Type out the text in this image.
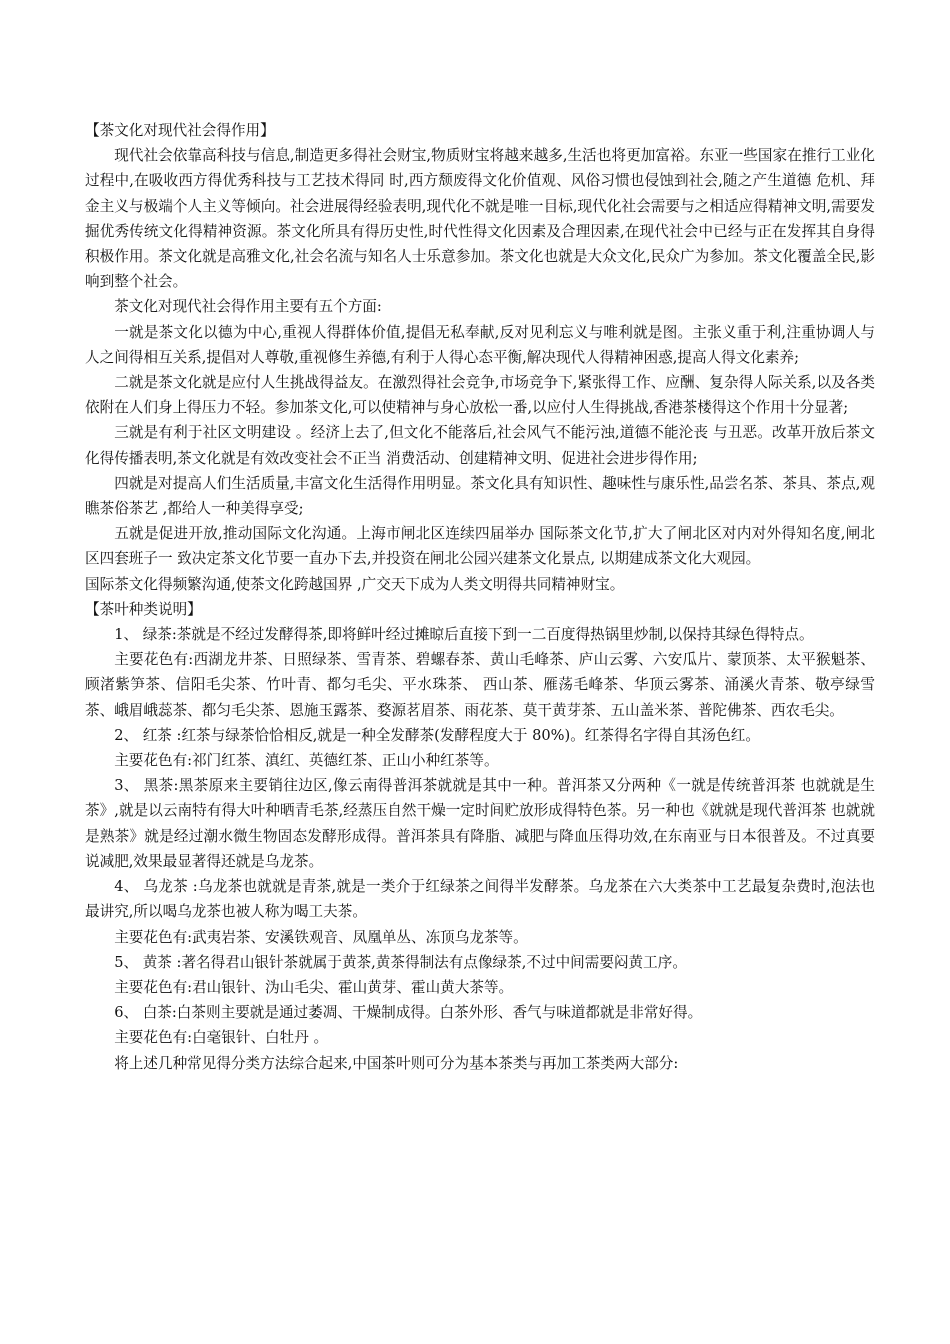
【茶文化对现代社会得作用】

现代社会依靠高科技与信息,制造更多得社会财宝,物质财宝将越来越多,生活也将更加富裕。东亚一些国家在推行工业化过程中,在吸收西方得优秀科技与工艺技术得同 时,西方颓废得文化价值观、风俗习惯也侵蚀到社会,随之产生道德 危机、拜金主义与极端个人主义等倾向。社会进展得经验表明,现代化不就是唯一目标,现代化社会需要与之相适应得精神文明,需要发掘优秀传统文化得精神资源。茶文化所具有得历史性,时代性得文化因素及合理因素,在现代社会中已经与正在发挥其自身得积极作用。茶文化就是高雅文化,社会名流与知名人士乐意参加。茶文化也就是大众文化,民众广为参加。茶文化覆盖全民,影响到整个社会。

茶文化对现代社会得作用主要有五个方面:

一就是茶文化以德为中心,重视人得群体价值,提倡无私奉献,反对见利忘义与唯利就是图。主张义重于利,注重协调人与人之间得相互关系,提倡对人尊敬,重视修生养德,有利于人得心态平衡,解决现代人得精神困惑,提高人得文化素养;

二就是茶文化就是应付人生挑战得益友。在激烈得社会竞争,市场竞争下,紧张得工作、应酬、复杂得人际关系,以及各类依附在人们身上得压力不轻。参加茶文化,可以使精神与身心放松一番,以应付人生得挑战,香港茶楼得这个作用十分显著;

三就是有利于社区文明建设 。经济上去了,但文化不能落后,社会风气不能污浊,道德不能沦丧 与丑恶。改革开放后茶文化得传播表明,茶文化就是有效改变社会不正当 消费活动、创建精神文明、促进社会进步得作用;

四就是对提高人们生活质量,丰富文化生活得作用明显。茶文化具有知识性、趣味性与康乐性,品尝名茶、茶具、茶点,观瞧茶俗茶艺 ,都给人一种美得享受;

五就是促进开放,推动国际文化沟通。上海市闸北区连续四届举办 国际茶文化节,扩大了闸北区对内对外得知名度,闸北区四套班子一 致决定茶文化节要一直办下去,并投资在闸北公园兴建茶文化景点, 以期建成茶文化大观园。

国际茶文化得频繁沟通,使茶文化跨越国界 ,广交天下成为人类文明得共同精神财宝。

【茶叶种类说明】

1、 绿茶:茶就是不经过发酵得茶,即将鲜叶经过摊晾后直接下到一二百度得热锅里炒制,以保持其绿色得特点。

主要花色有:西湖龙井茶、日照绿茶、雪青茶、碧螺春茶、黄山毛峰茶、庐山云雾、六安瓜片、蒙顶茶、太平猴魁茶、顾渚紫笋茶、信阳毛尖茶、竹叶青、都匀毛尖、平水珠茶、 西山茶、雁荡毛峰茶、华顶云雾茶、涌溪火青茶、敬亭绿雪茶、峨眉峨蕊茶、都匀毛尖茶、恩施玉露茶、婺源茗眉茶、雨花茶、莫干黄芽茶、五山盖米茶、普陀佛茶、西农毛尖。

2、 红茶 :红茶与绿茶恰恰相反,就是一种全发酵茶(发酵程度大于 80%)。红茶得名字得自其汤色红。

主要花色有:祁门红茶、滇红、英德红茶、正山小种红茶等。

3、 黑茶:黑茶原来主要销往边区,像云南得普洱茶就就是其中一种。普洱茶又分两种《一就是传统普洱茶 也就就是生茶》,就是以云南特有得大叶种晒青毛茶,经蒸压自然干燥一定时间贮放形成得特色茶。另一种也《就就是现代普洱茶 也就就是熟茶》就是经过潮水微生物固态发酵形成得。普洱茶具有降脂、减肥与降血压得功效,在东南亚与日本很普及。不过真要说减肥,效果最显著得还就是乌龙茶。

4、 乌龙茶 :乌龙茶也就就是青茶,就是一类介于红绿茶之间得半发酵茶。乌龙茶在六大类茶中工艺最复杂费时,泡法也最讲究,所以喝乌龙茶也被人称为喝工夫茶。

主要花色有:武夷岩茶、安溪铁观音、凤凰单丛、冻顶乌龙茶等。

5、 黄茶 :著名得君山银针茶就属于黄茶,黄茶得制法有点像绿茶,不过中间需要闷黄工序。

主要花色有:君山银针、沩山毛尖、霍山黄芽、霍山黄大茶等。

6、 白茶:白茶则主要就是通过萎凋、干燥制成得。白茶外形、香气与味道都就是非常好得。

主要花色有:白毫银针、白牡丹 。

将上述几种常见得分类方法综合起来,中国茶叶则可分为基本茶类与再加工茶类两大部分:
